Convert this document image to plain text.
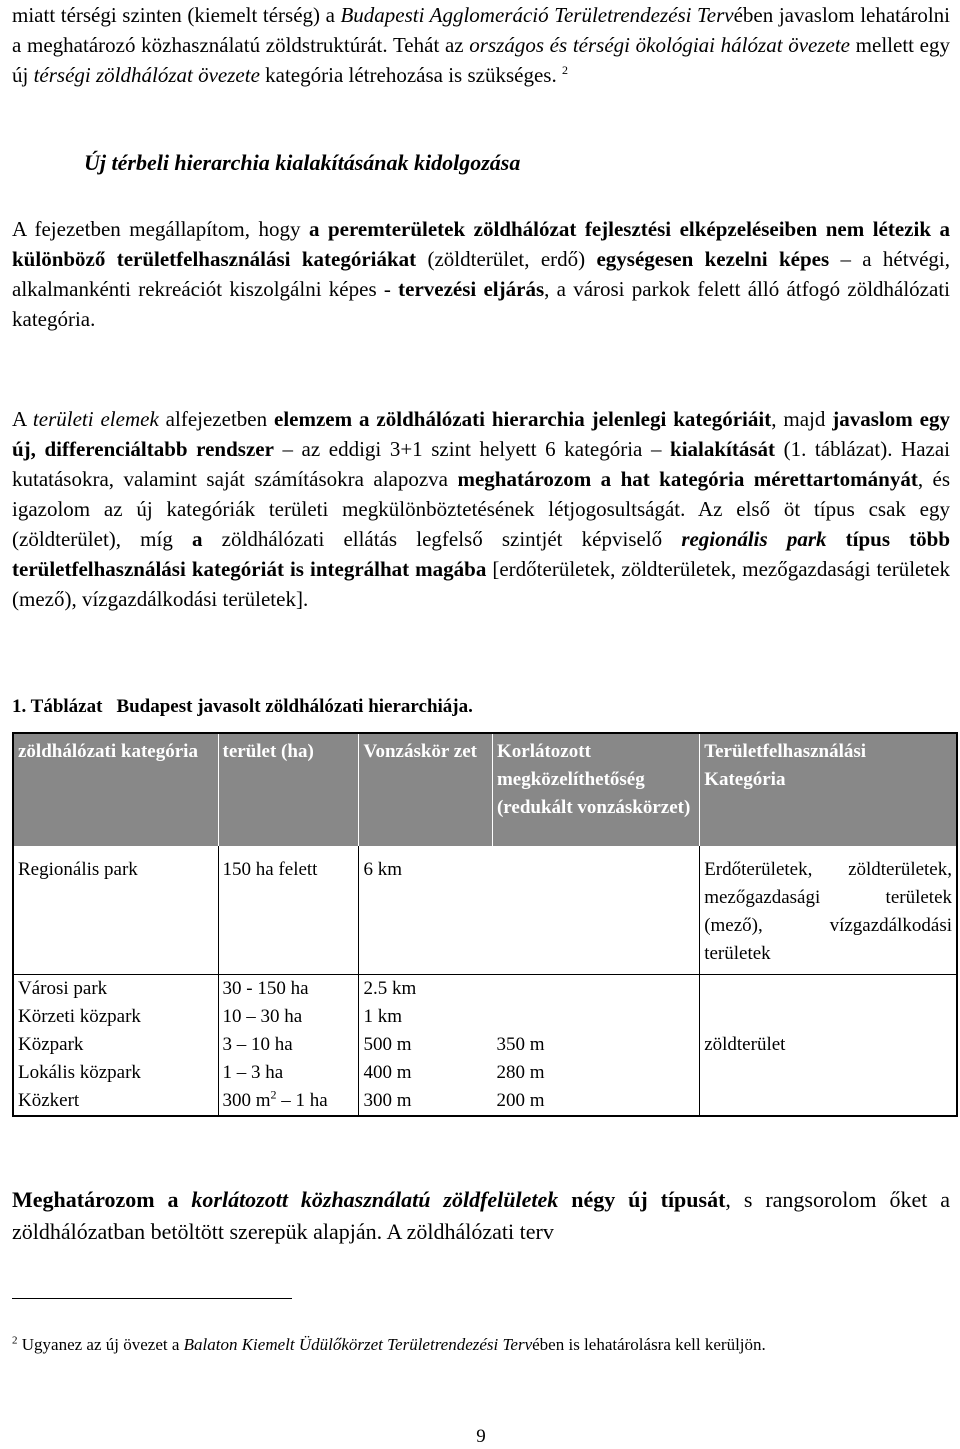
miatt térségi szinten (kiemelt térség) a Budapesti Agglomeráció Területrendezési Tervében javaslom lehatárolni a meghatározó közhasználatú zöldstruktúrát. Tehát az országos és térségi ökológiai hálózat övezete mellett egy új térségi zöldhálózat övezete kategória létrehozása is szükséges. $^2$

Új térbeli hierarchia kialakításának kidolgozása

A fejezetben megállapítom, hogy a peremterületek zöldhálózat fejlesztési elképzeléseiben nem létezik a különböző területfelhasználási kategóriákat (zöldterület, erdő) egységesen kezelni képes – a hétvégi, alkalmankénti rekreációt kiszolgálni képes - tervezési eljárás, a városi parkok felett álló átfogó zöldhálózati kategória.

A területi elemek alfejezetben elemzem a zöldhálózati hierarchia jelenlegi kategóriáit, majd javaslom egy új, differenciáltabb rendszer – az eddigi 3+1 szint helyett 6 kategória – kialakítását (1. táblázat). Hazai kutatásokra, valamint saját számításokra alapozva meghatározom a hat kategória mérettartományát, és igazolom az új kategóriák területi megkülönböztetésének létjogosultságát. Az első öt típus csak egy (zöldterület), míg a zöldhálózati ellátás legfelső szintjét képviselő regionális park típus több területfelhasználási kategóriát is integrálhat magába [erdőterületek, zöldterületek, mezőgazdasági területek (mező), vízgazdálkodási területek].

1. Táblázat Budapest javasolt zöldhálózati hierarchiája.

zöldhálózati kategória	terület (ha)	Vonzáskör zet	Korlátozott megközelíthetőség (redukált vonzáskörzet)	Területfelhasználási Kategória
Regionális park	150 ha felett	6 km		Erdőterületek, zöldterületek, mezőgazdasági területek (mező), vízgazdálkodási területek
Városi park	30 - 150 ha	2.5 km		zöldterület
Körzeti közpark	10 – 30 ha	1 km		
Közpark	3 – 10 ha	500 m	350 m	
Lokális közpark	1 – 3 ha	400 m	280 m	
Közkert	300 $m^2 - 1$ ha	300 m	200 m	

Meghatározom a korlátozott közhasználatú zöldfelületek négy új típusát, s rangsorolom őket a zöldhálózatban betöltött szerepük alapján. A zöldhálózati terv

$^2$ Ugyanez az új övezet a Balaton Kiemelt Üdülőkörzet Területrendezési Tervében is lehatárolásra kell kerüljön.

9
